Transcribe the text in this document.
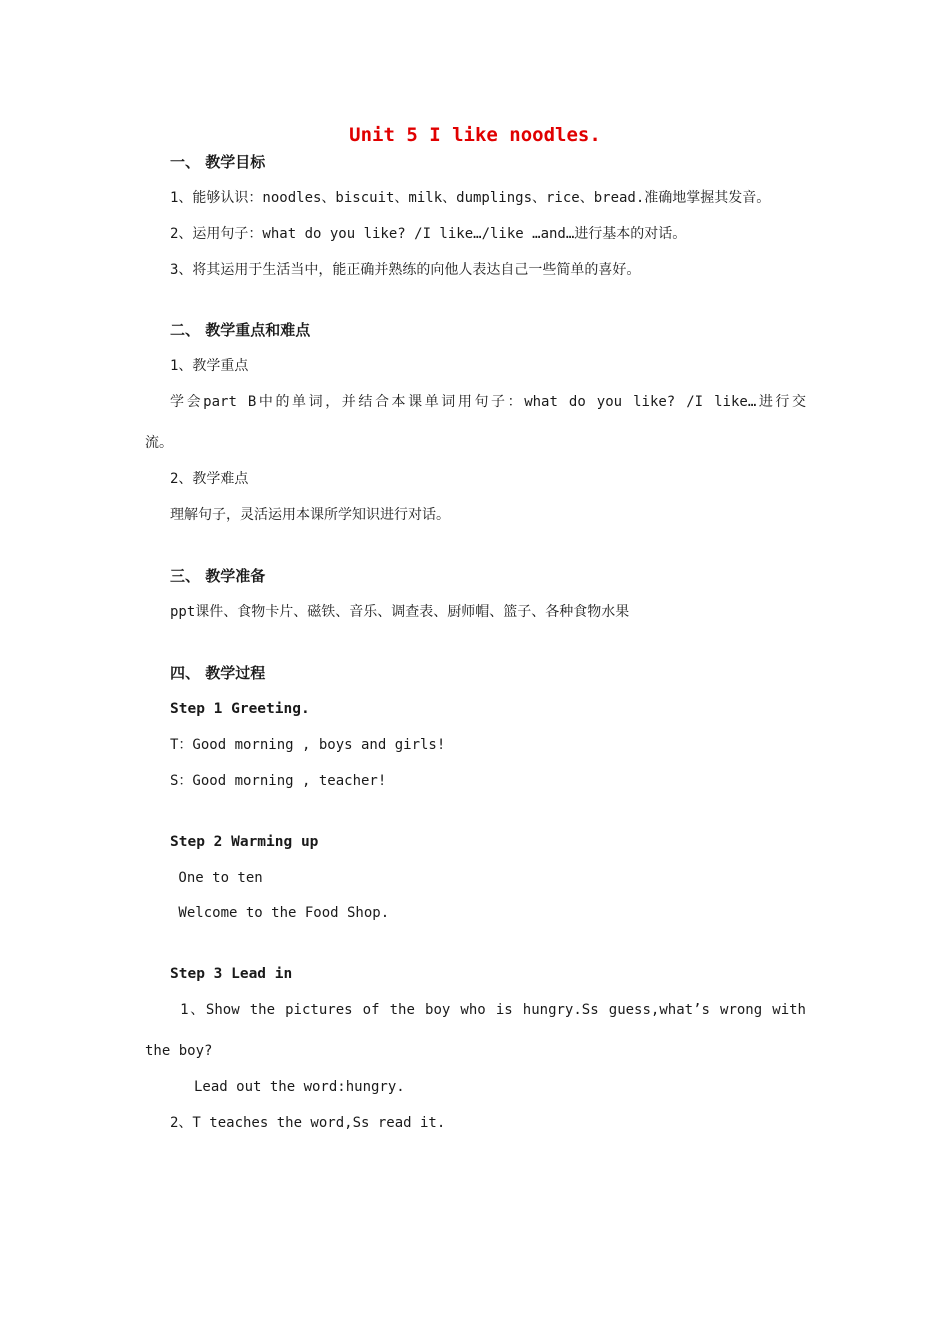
Unit 5 I like noodles.
一、 教学目标
1、能够认识：noodles、biscuit、milk、dumplings、rice、bread.准确地掌握其发音。
2、运用句子：what do you like? /I like…/like …and…进行基本的对话。
3、将其运用于生活当中，能正确并熟练的向他人表达自己一些简单的喜好。
二、 教学重点和难点
1、教学重点
学会part B中的单词，并结合本课单词用句子：what do you like? /I like…进行交
流。
2、教学难点
理解句子，灵活运用本课所学知识进行对话。
三、 教学准备
ppt课件、食物卡片、磁铁、音乐、调查表、厨师帽、篮子、各种食物水果
四、 教学过程
Step 1 Greeting.
T：Good morning , boys and girls!
S：Good morning , teacher!
Step 2 Warming up
One to ten
Welcome to the Food Shop.
Step 3 Lead in
1、Show the pictures of the boy who is hungry.Ss guess,what’s wrong with
the boy?
Lead out the word:hungry.
2、T teaches the word,Ss read it.
